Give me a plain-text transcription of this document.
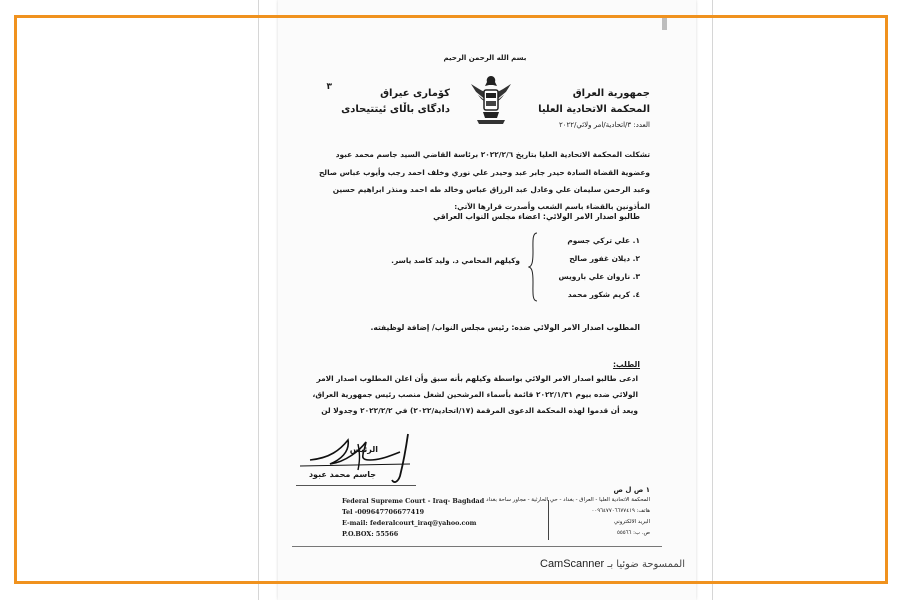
بسم الله الرحمن الرحيم
جمهورية العراق
المحكمة الاتحادية العليا
العدد: ٣/اتحادية/امر ولائي/٢٠٢٢
كۆماری عیراق
دادگای باڵای ئیتتیحادی
٣
تشكلت المحكمة الاتحادية العليا بتاريخ ٢٠٢٢/٢/٦ برئاسة القاضي السيد جاسم محمد عبود
وعضوية القضاة السادة حيدر جابر عبد وحيدر علي نوري وخلف احمد رجب وأيوب عباس صالح
وعبد الرحمن سليمان علي وعادل عبد الرزاق عباس وخالد طه احمد ومنذر ابراهيم حسين
المأذونين بالقضاء باسم الشعب وأصدرت قرارها الآتي:
طالبو اصدار الامر الولائي: اعضاء مجلس النواب العراقي
١. علي تركي جسوم
٢. ديلان غفور صالح
٣. ناروان علي بارويس
٤. كريم شكور محمد
وكيلهم المحامي د. وليد كاصد ياسر.
المطلوب اصدار الامر الولائي ضده: رئيس مجلس النواب/ إضافة لوظيفته.
الطلب:
ادعى طالبو اصدار الامر الولائي بواسطة وكيلهم بأنه سبق وأن اعلن المطلوب اصدار الامر
الولائي ضده بيوم ٢٠٢٢/١/٣١ قائمة بأسماء المرشحين لشغل منصب رئيس جمهورية العراق،
ويعد أن قدموا لهذه المحكمة الدعوى المرقمة (١٧/اتحادية/٢٠٢٢) في ٢٠٢٢/٢/٢ وجدولا لن
الرئيس
جاسم محمد عبود
Federal Supreme Court - Iraq- Baghdad
Tel -009647706677419
E-mail: federalcourt_iraq@yahoo.com
P.O.BOX: 55566
١ ص ل ص
المحكمة الاتحادية العليا - العراق - بغداد - حي الحارثية - مجاور ساحة بغداد
هاتف: ٠٠٩٦٤٧٧٠٦٦٧٧٤١٩
البريد الالكتروني
ص. ب: ٥٥٥٦٦
CamScanner الممسوحة ضوئيا بـ
